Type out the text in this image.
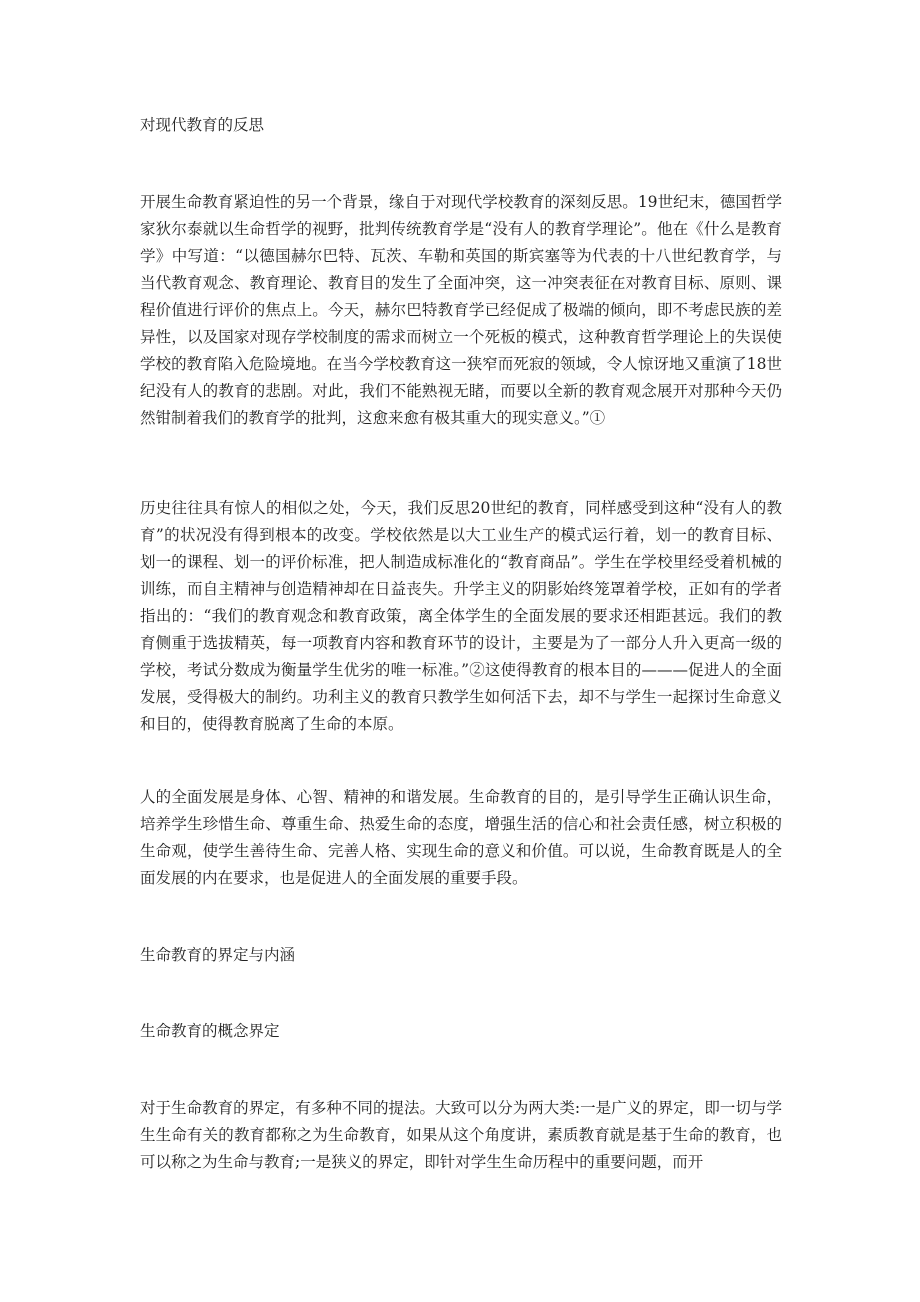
对现代教育的反思

开展生命教育紧迫性的另一个背景，缘自于对现代学校教育的深刻反思。19世纪末，德国哲学家狄尔泰就以生命哲学的视野，批判传统教育学是“没有人的教育学理论”。他在《什么是教育学》中写道：“以德国赫尔巴特、瓦茨、车勒和英国的斯宾塞等为代表的十八世纪教育学，与当代教育观念、教育理论、教育目的发生了全面冲突，这一冲突表征在对教育目标、原则、课程价值进行评价的焦点上。今天，赫尔巴特教育学已经促成了极端的倾向，即不考虑民族的差异性，以及国家对现存学校制度的需求而树立一个死板的模式，这种教育哲学理论上的失误使学校的教育陷入危险境地。在当今学校教育这一狭窄而死寂的领域，令人惊讶地又重演了18世纪没有人的教育的悲剧。对此，我们不能熟视无睹，而要以全新的教育观念展开对那种今天仍然钳制着我们的教育学的批判，这愈来愈有极其重大的现实意义。”①

历史往往具有惊人的相似之处，今天，我们反思20世纪的教育，同样感受到这种“没有人的教育”的状况没有得到根本的改变。学校依然是以大工业生产的模式运行着，划一的教育目标、划一的课程、划一的评价标准，把人制造成标准化的“教育商品”。学生在学校里经受着机械的训练，而自主精神与创造精神却在日益丧失。升学主义的阴影始终笼罩着学校，正如有的学者指出的：“我们的教育观念和教育政策，离全体学生的全面发展的要求还相距甚远。我们的教育侧重于选拔精英，每一项教育内容和教育环节的设计，主要是为了一部分人升入更高一级的学校，考试分数成为衡量学生优劣的唯一标准。”②这使得教育的根本目的———促进人的全面发展，受得极大的制约。功利主义的教育只教学生如何活下去，却不与学生一起探讨生命意义和目的，使得教育脱离了生命的本原。

人的全面发展是身体、心智、精神的和谐发展。生命教育的目的，是引导学生正确认识生命，培养学生珍惜生命、尊重生命、热爱生命的态度，增强生活的信心和社会责任感，树立积极的生命观，使学生善待生命、完善人格、实现生命的意义和价值。可以说，生命教育既是人的全面发展的内在要求，也是促进人的全面发展的重要手段。

生命教育的界定与内涵

生命教育的概念界定

对于生命教育的界定，有多种不同的提法。大致可以分为两大类:一是广义的界定，即一切与学生生命有关的教育都称之为生命教育，如果从这个角度讲，素质教育就是基于生命的教育，也可以称之为生命与教育;一是狭义的界定，即针对学生生命历程中的重要问题，而开
